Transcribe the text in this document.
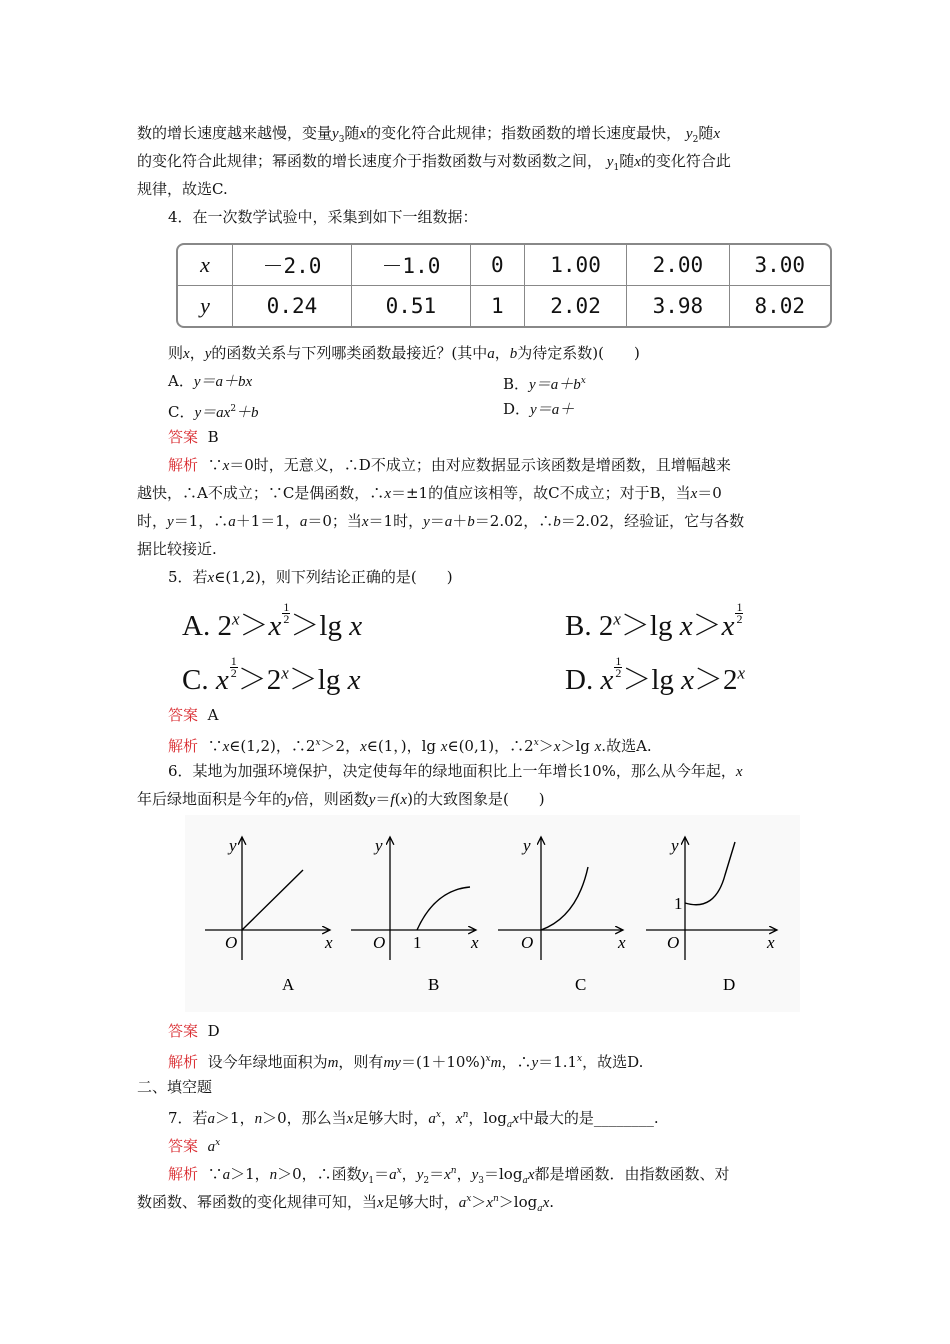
数的增长速度越来越慢，变量$y_3$随x的变化符合此规律；指数函数的增长速度最快， $y_2$随x
的变化符合此规律；幂函数的增长速度介于指数函数与对数函数之间， $y_1$随x的变化符合此
规律，故选C.
4．在一次数学试验中，采集到如下一组数据：
x	－2.0	－1.0	0	1.00	2.00	3.00
y	0.24	0.51	1	2.02	3.98	8.02
则x，y的函数关系与下列哪类函数最接近？(其中a，b为待定系数)(　　)
A．y＝a＋bx	B．$y=a+b^x$
C．$y=ax^2+b$	D．y＝a＋
答案 B
解析 ∵x＝0时，无意义，∴D不成立；由对应数据显示该函数是增函数，且增幅越来
越快，∴A不成立；∵C是偶函数，∴x＝±1的值应该相等，故C不成立；对于B，当x＝0
时，y＝1，∴a＋1＝1，a＝0；当x＝1时，y＝a＋b＝2.02，∴b＝2.02，经验证，它与各数
据比较接近.
5．若x∈(1,2)，则下列结论正确的是(　　)
A. $2^x>x \frac{1}{2} >\lg$ x	B. $2^x>\lg$ $x>x \frac{1}{2}$
C. x $\frac{1}{2} >2^x>\lg$ x	D. x $\frac{1}{2} >\lg$ $x>2^x$
答案 A
解析 ∵x∈(1,2)，$\therefore 2^x>2$，x∈(1，)，lg x∈(0,1)，$\therefore 2^x>x>\lg$ x.故选A.
6．某地为加强环境保护，决定使每年的绿地面积比上一年增长10%，那么从今年起，x
年后绿地面积是今年的y倍，则函数y＝f(x)的大致图象是(　　)
y
O	x
A
y
O 1	x
B
y
O	x
C
y
1
O	x
D
答案 D
解析 设今年绿地面积为m，则有$my=(1+10\%)^xm$，$\therefore y=1.1^x$，故选D.
二、填空题
7．若a＞1，n＞0，那么当x足够大时，$a^x$，$x^n$，$\log_ax$中最大的是________.
答案 $a^x$
解析 ∵a＞1，n＞0，∴函数$y_1=a^x$，$y_2=x^n$，$y_3=\log_ax$都是增函数．由指数函数、对
数函数、幂函数的变化规律可知，当x足够大时，$a^x>x^n>\log_ax$.
